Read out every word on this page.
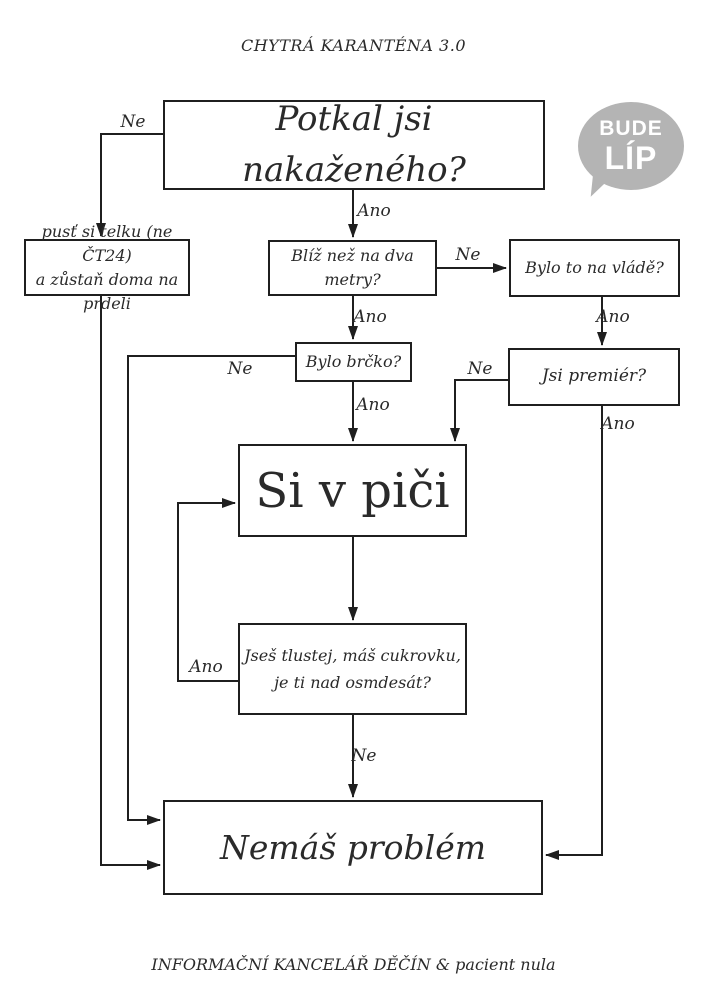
CHYTRÁ KARANTÉNA 3.0
Potkal jsi nakaženého?
pusť si telku (ne ČT24)
a zůstaň doma na prdeli
Blíž než na dva metry?
Bylo to na vládě?
Bylo brčko?
Jsi premiér?
Si v piči
Jseš tlustej, máš cukrovku,
je ti nad osmdesát?
Nemáš problém
Ne
Ano
Ne
Ano	Ano
Ne
Ano
Ne
Ano
Ano
Ne
BUDE
LÍP
INFORMAČNÍ KANCELÁŘ DĚČÍN & pacient nula
